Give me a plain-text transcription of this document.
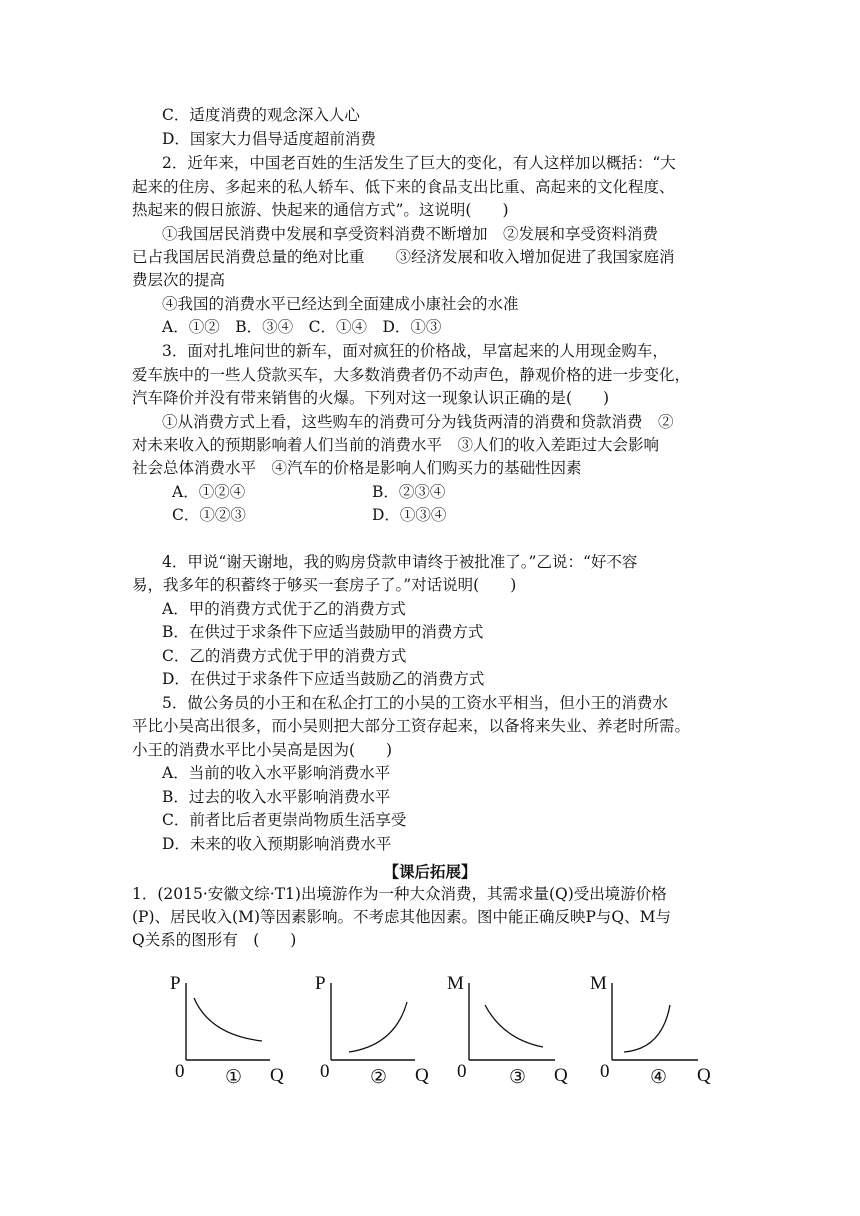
C．适度消费的观念深入人心
D．国家大力倡导适度超前消费
2．近年来，中国老百姓的生活发生了巨大的变化，有人这样加以概括：“大
起来的住房、多起来的私人轿车、低下来的食品支出比重、高起来的文化程度、
热起来的假日旅游、快起来的通信方式”。这说明(　　)
①我国居民消费中发展和享受资料消费不断增加　②发展和享受资料消费
已占我国居民消费总量的绝对比重　　③经济发展和收入增加促进了我国家庭消
费层次的提高
④我国的消费水平已经达到全面建成小康社会的水准
A．①②　B．③④　C．①④　D．①③
3．面对扎堆问世的新车，面对疯狂的价格战，早富起来的人用现金购车，
爱车族中的一些人贷款买车，大多数消费者仍不动声色，静观价格的进一步变化，
汽车降价并没有带来销售的火爆。下列对这一现象认识正确的是(　　)
①从消费方式上看，这些购车的消费可分为钱货两清的消费和贷款消费　②
对未来收入的预期影响着人们当前的消费水平　③人们的收入差距过大会影响
社会总体消费水平　④汽车的价格是影响人们购买力的基础性因素
A．①②④	B．②③④
C．①②③	D．①③④
4．甲说“谢天谢地，我的购房贷款申请终于被批准了。”乙说：“好不容
易，我多年的积蓄终于够买一套房子了。”对话说明(　　)
A．甲的消费方式优于乙的消费方式
B．在供过于求条件下应适当鼓励甲的消费方式
C．乙的消费方式优于甲的消费方式
D．在供过于求条件下应适当鼓励乙的消费方式
5．做公务员的小王和在私企打工的小吴的工资水平相当，但小王的消费水
平比小吴高出很多，而小吴则把大部分工资存起来，以备将来失业、养老时所需。
小王的消费水平比小吴高是因为(　　)
A．当前的收入水平影响消费水平
B．过去的收入水平影响消费水平
C．前者比后者更崇尚物质生活享受
D．未来的收入预期影响消费水平
【课后拓展】
1．(2015·安徽文综·T1)出境游作为一种大众消费，其需求量(Q)受出境游价格
(P)、居民收入(M)等因素影响。不考虑其他因素。图中能正确反映P与Q、M与
Q关系的图形有　(　　)
P
0 ① Q
P
0 ② Q
M
0 ③ Q
M
0 ④ Q
